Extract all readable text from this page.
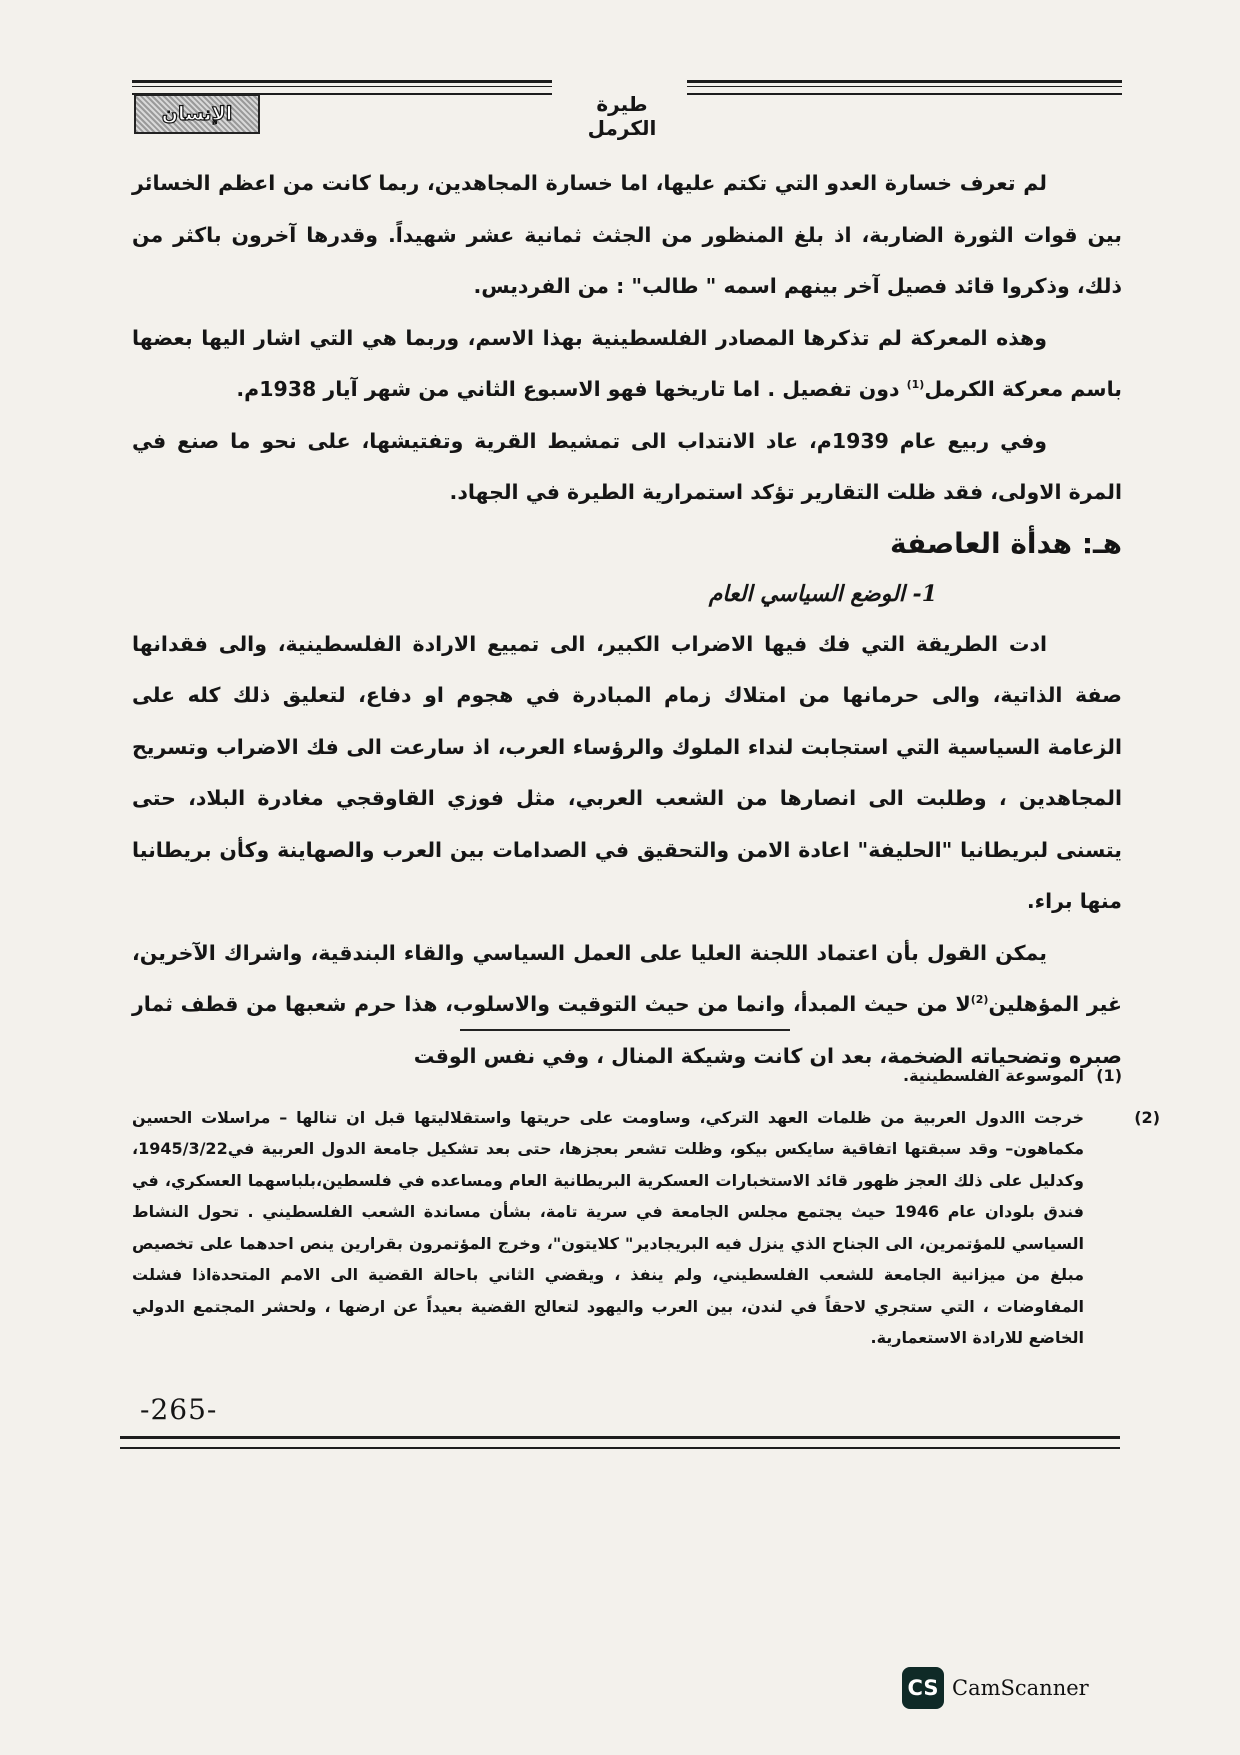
طيرة الكرمل
الإنسان

لم تعرف خسارة العدو التي تكتم عليها، اما خسارة المجاهدين، ربما كانت من اعظم الخسائر بين قوات الثورة الضاربة، اذ بلغ المنظور من الجثث ثمانية عشر شهيداً. وقدرها آخرون باكثر من ذلك، وذكروا قائد فصيل آخر بينهم اسمه " طالب" : من الفرديس.

وهذه المعركة لم تذكرها المصادر الفلسطينية بهذا الاسم، وربما هي التي اشار اليها بعضها باسم معركة الكرمل$^{(1)}$ دون تفصيل . اما تاريخها فهو الاسبوع الثاني من شهر آيار 1938م.

وفي ربيع عام 1939م، عاد الانتداب الى تمشيط القرية وتفتيشها، على نحو ما صنع في المرة الاولى، فقد ظلت التقارير تؤكد استمرارية الطيرة في الجهاد.

هـ: هدأة العاصفة
1- الوضع السياسي العام

ادت الطريقة التي فك فيها الاضراب الكبير، الى تمييع الارادة الفلسطينية، والى فقدانها صفة الذاتية، والى حرمانها من امتلاك زمام المبادرة في هجوم او دفاع، لتعليق ذلك كله على الزعامة السياسية التي استجابت لنداء الملوك والرؤساء العرب، اذ سارعت الى فك الاضراب وتسريح المجاهدين ، وطلبت الى انصارها من الشعب العربي، مثل فوزي القاوقجي مغادرة البلاد، حتى يتسنى لبريطانيا "الحليفة" اعادة الامن والتحقيق في الصدامات بين العرب والصهاينة وكأن بريطانيا منها براء.

يمكن القول بأن اعتماد اللجنة العليا على العمل السياسي والقاء البندقية، واشراك الآخرين، غير المؤهلين$^{(2)}$لا من حيث المبدأ، وانما من حيث التوقيت والاسلوب، هذا حرم شعبها من قطف ثمار صبره وتضحياته الضخمة، بعد ان كانت وشيكة المنال ، وفي نفس الوقت

(1)الموسوعة الفلسطينية.

(2)خرجت االدول العربية من ظلمات العهد التركي، وساومت على حريتها واستقلاليتها قبل ان تنالها – مراسلات الحسين مكماهون– وقد سبقتها اتفاقية سايكس بيكو، وظلت تشعر بعجزها، حتى بعد تشكيل جامعة الدول العربية في1945/3/22، وكدليل على ذلك العجز ظهور قائد الاستخبارات العسكرية البريطانية العام ومساعده في فلسطين،بلباسهما العسكري، في فندق بلودان عام 1946 حيث يجتمع مجلس الجامعة في سرية تامة، بشأن مساندة الشعب الفلسطيني . تحول النشاط السياسي للمؤتمرين، الى الجناح الذي ينزل فيه البريجادير" كلايتون"، وخرج المؤتمرون بقرارين ينص احدهما على تخصيص مبلغ من ميزانية الجامعة للشعب الفلسطيني، ولم ينفذ ، ويقضي الثاني باحالة القضية الى الامم المتحدةاذا فشلت المفاوضات ، التي ستجري لاحقاً في لندن، بين العرب واليهود لتعالج القضية بعيداً عن ارضها ، ولحشر المجتمع الدولي الخاضع للارادة الاستعمارية.

-265-
CS CamScanner
